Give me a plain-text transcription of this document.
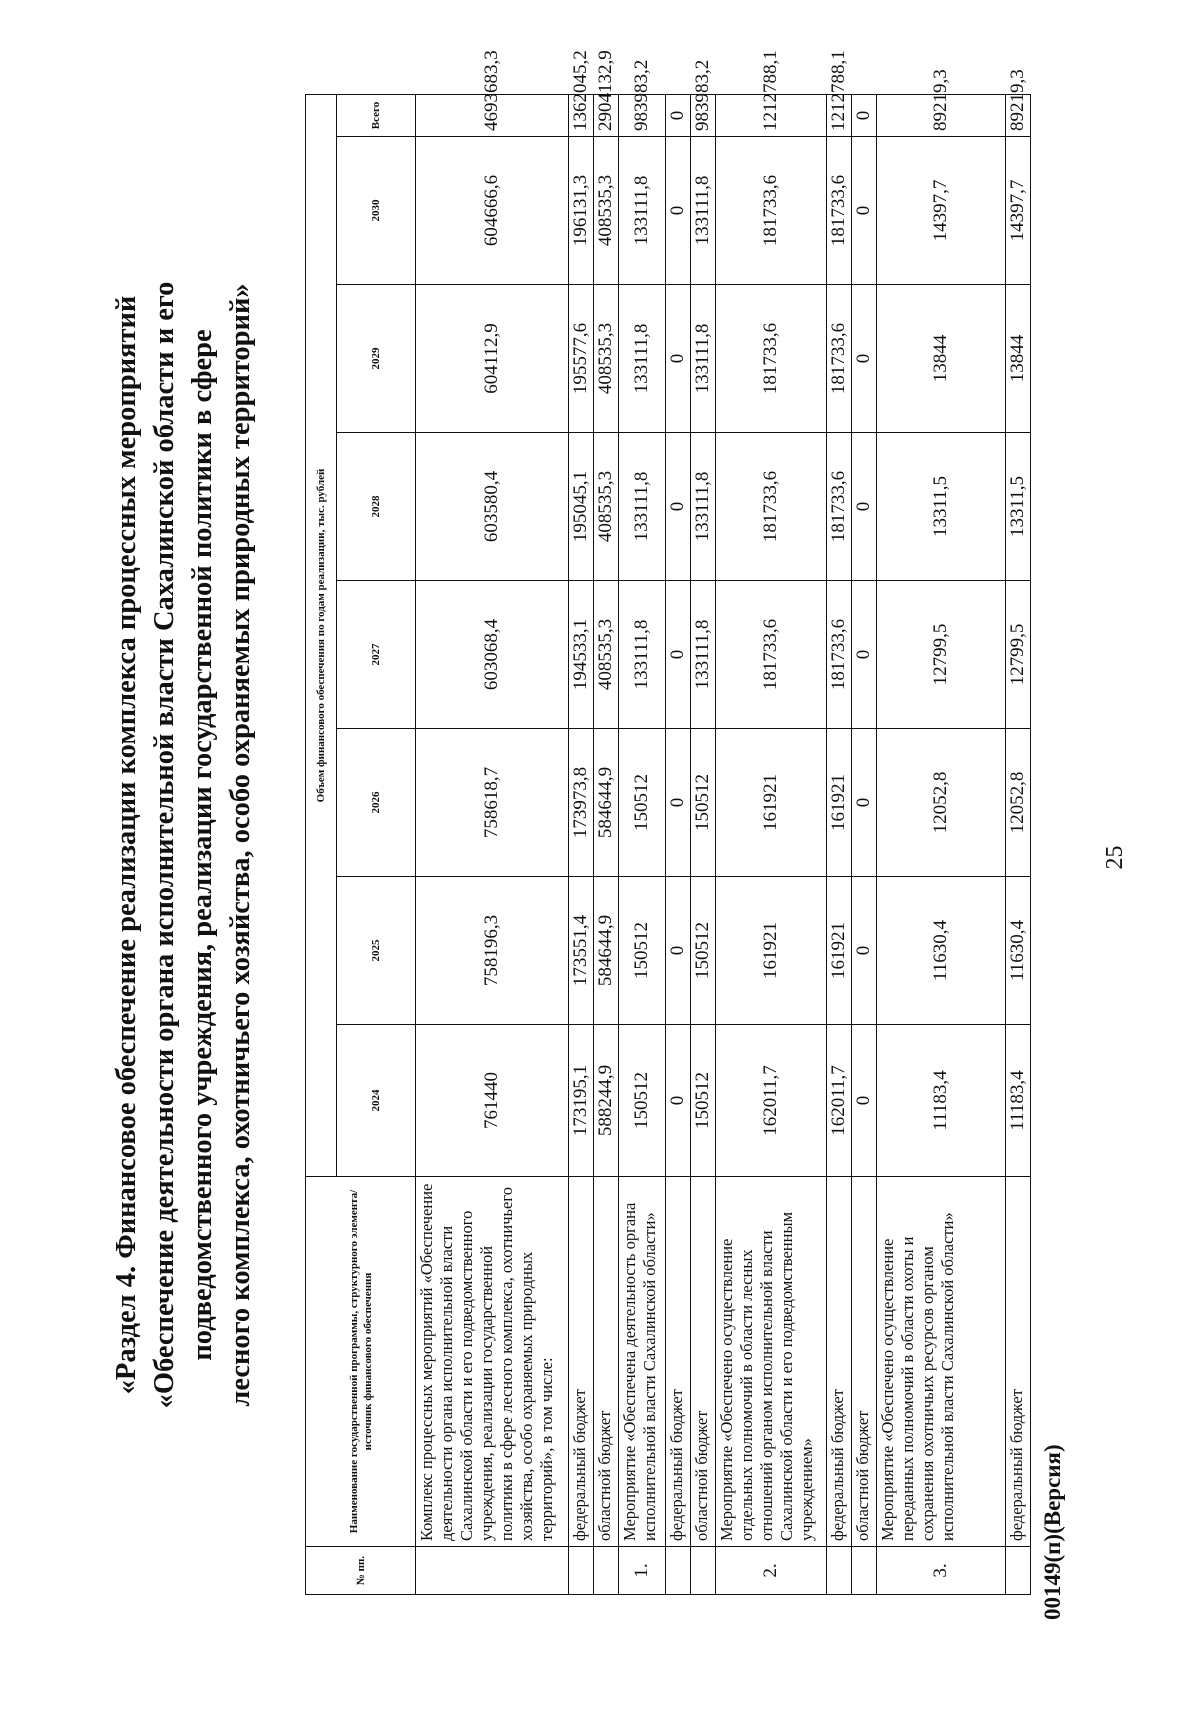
25
«Раздел 4. Финансовое обеспечение реализации комплекса процессных мероприятий «Обеспечение деятельности органа исполнительной власти Сахалинской области и его подведомственного учреждения, реализации государственной политики в сфере лесного комплекса, охотничьего хозяйства, особо охраняемых природных территорий»
№ пп.	Наименование государственной программы, структурного элемента/источник финансового обеспечения	Объем финансового обеспечения по годам реализации, тыс. рублей							
		2024	2025	2026	2027	2028	2029	2030	Всего
	Комплекс процессных мероприятий «Обеспечение деятельности органа исполнительной власти Сахалинской области и его подведомственного учреждения, реализации государственной политики в сфере лесного комплекса, охотничьего хозяйства, особо охраняемых природных территорий», в том числе:	761440	758196,3	758618,7	603068,4	603580,4	604112,9	604666,6	4693683,3
	федеральный бюджет	173195,1	173551,4	173973,8	194533,1	195045,1	195577,6	196131,3	1362045,2
	областной бюджет	588244,9	584644,9	584644,9	408535,3	408535,3	408535,3	408535,3	2904132,9
1.	Мероприятие «Обеспечена деятельность органа исполнительной власти Сахалинской области»	150512	150512	150512	133111,8	133111,8	133111,8	133111,8	983983,2
	федеральный бюджет	0	0	0	0	0	0	0	0
	областной бюджет	150512	150512	150512	133111,8	133111,8	133111,8	133111,8	983983,2
2.	Мероприятие «Обеспечено осуществление отдельных полномочий в области лесных отношений органом исполнительной власти Сахалинской области и его подведомственным учреждением»	162011,7	161921	161921	181733,6	181733,6	181733,6	181733,6	1212788,1
	федеральный бюджет	162011,7	161921	161921	181733,6	181733,6	181733,6	181733,6	1212788,1
	областной бюджет	0	0	0	0	0	0	0	0
3.	Мероприятие «Обеспечено осуществление переданных полномочий в области охоты и сохранения охотничьих ресурсов органом исполнительной власти Сахалинской области»	11183,4	11630,4	12052,8	12799,5	13311,5	13844	14397,7	89219,3
	федеральный бюджет	11183,4	11630,4	12052,8	12799,5	13311,5	13844	14397,7	89219,3
00149(п)(Версия)
